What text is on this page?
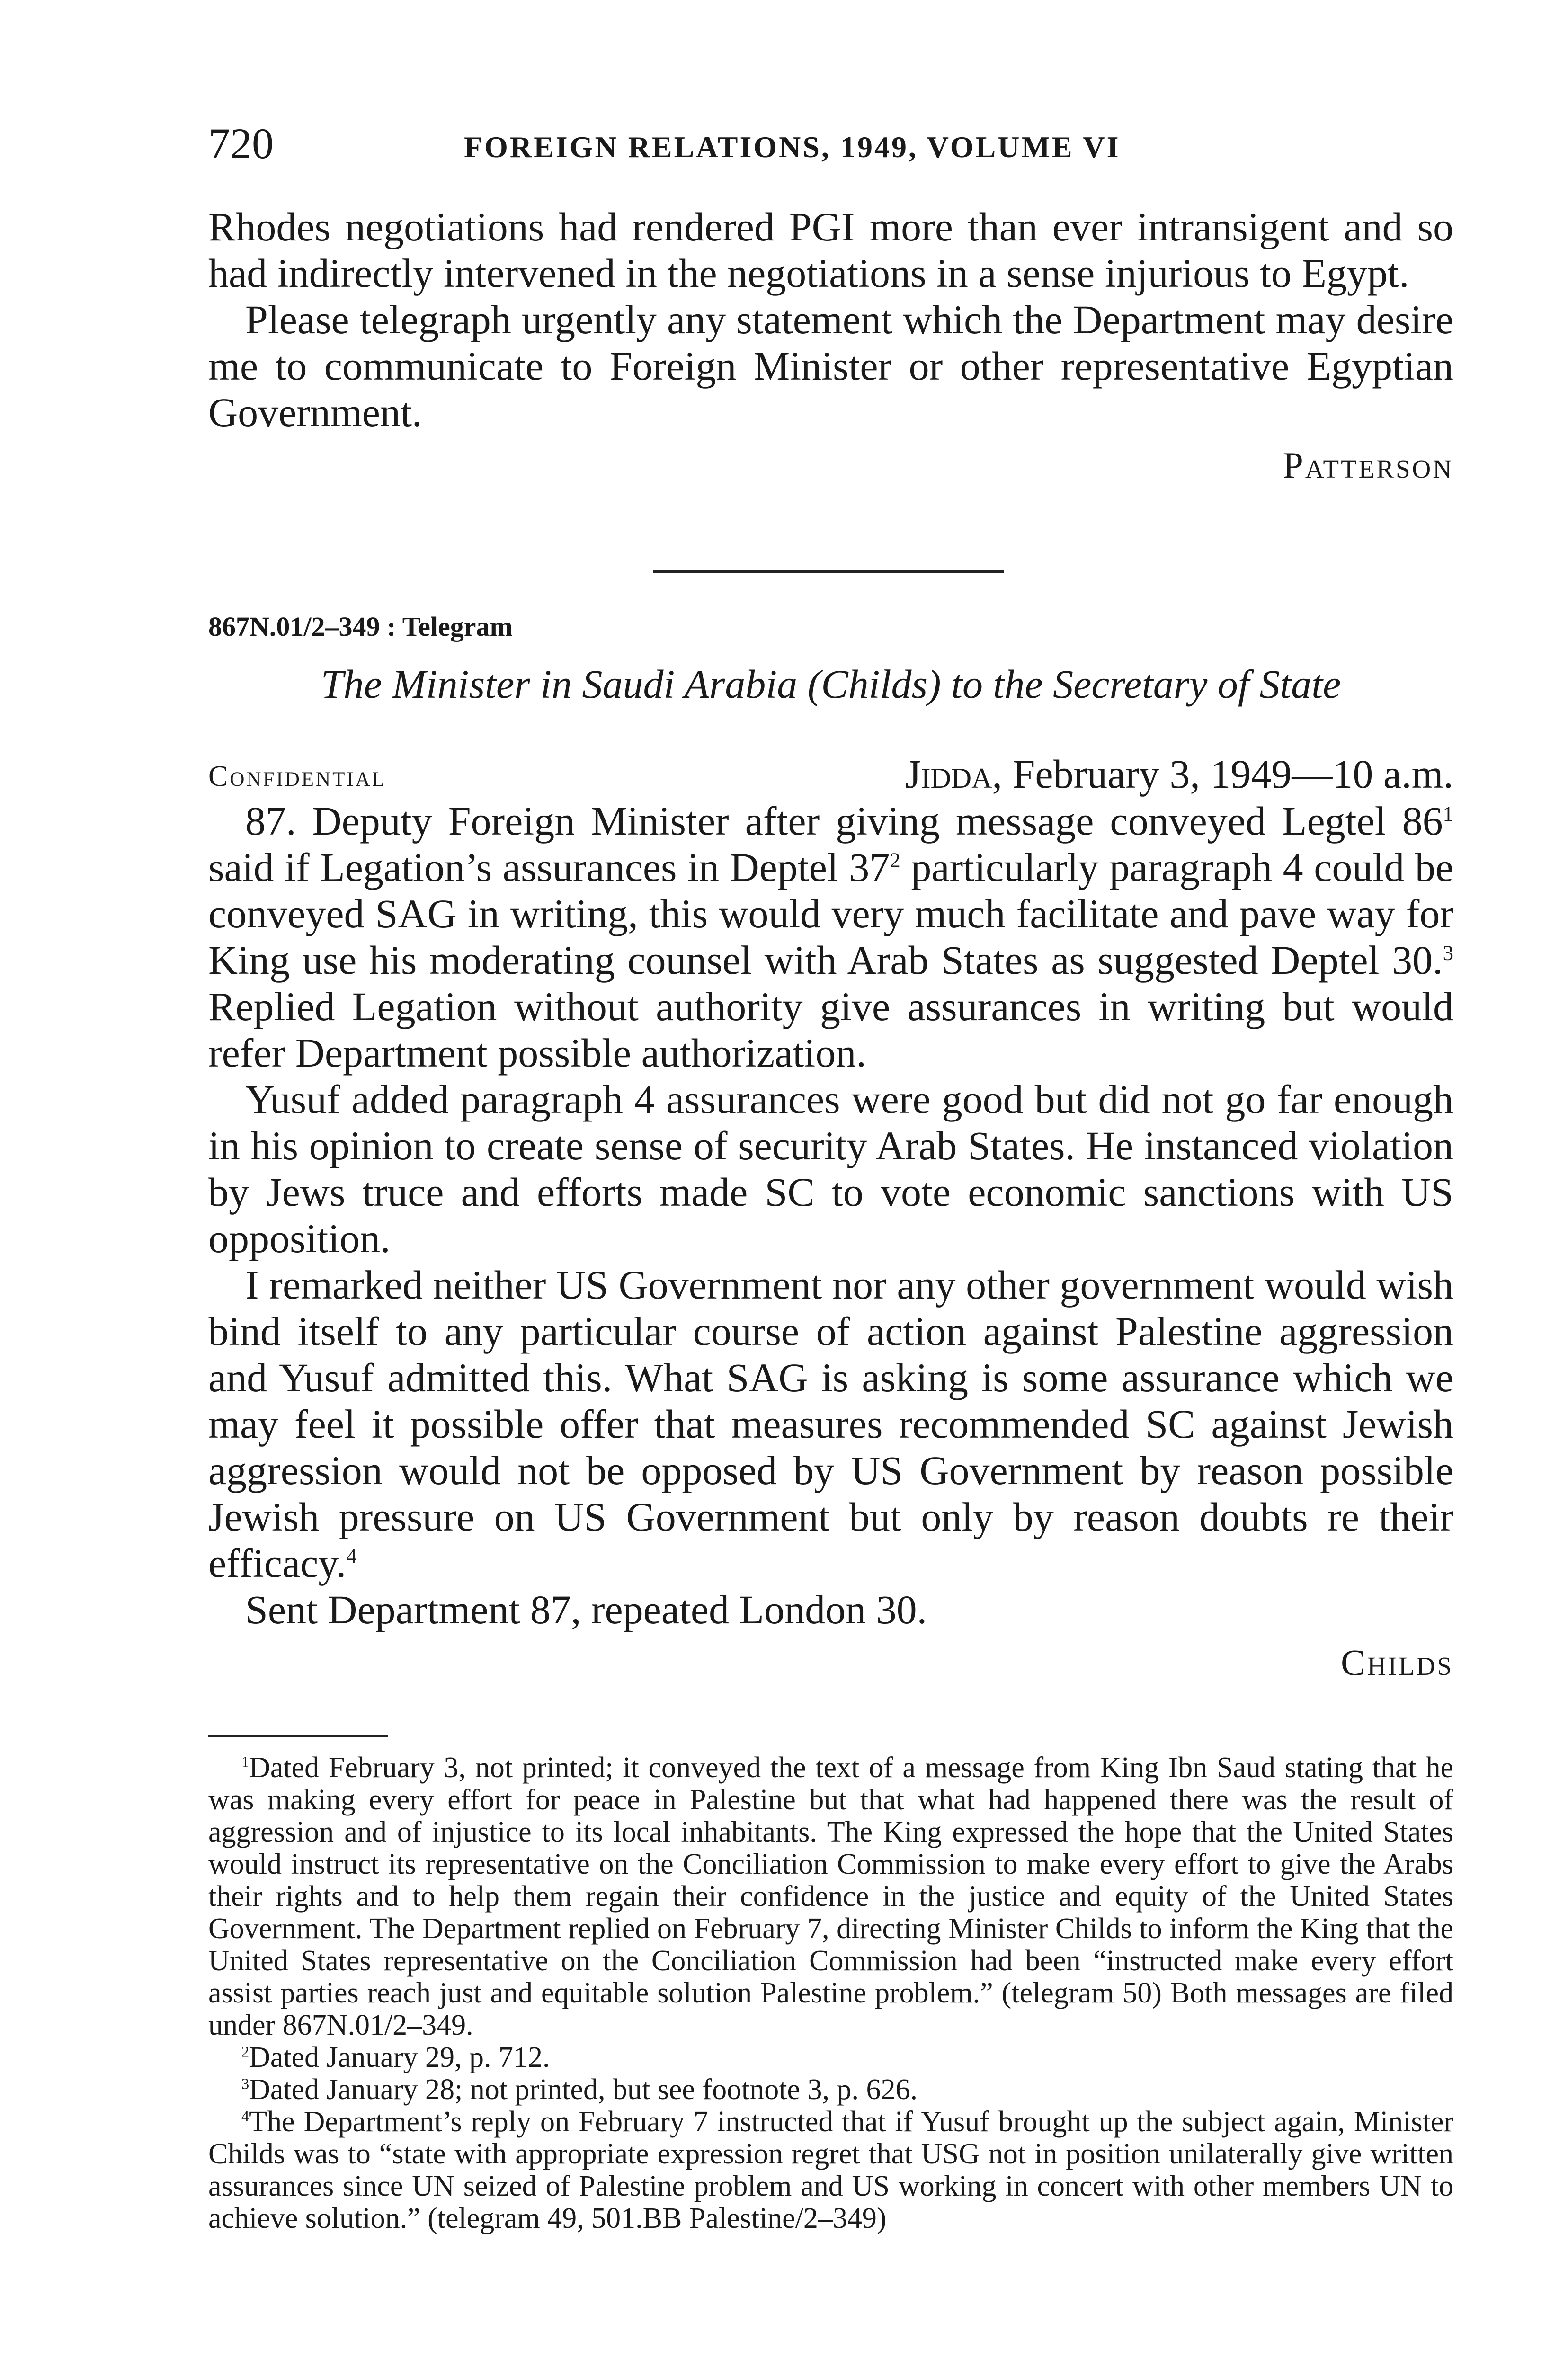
720	FOREIGN RELATIONS, 1949, VOLUME VI

Rhodes negotiations had rendered PGI more than ever intransigent and so had indirectly intervened in the negotiations in a sense injurious to Egypt.

Please telegraph urgently any statement which the Department may desire me to communicate to Foreign Minister or other representative Egyptian Government.

Patterson

867N.01/2–349 : Telegram

The Minister in Saudi Arabia (Childs) to the Secretary of State

Confidential	Jidda, February 3, 1949—10 a.m.

87. Deputy Foreign Minister after giving message conveyed Legtel $86^1$ said if Legation’s assurances in Deptel $37^2$ particularly paragraph 4 could be conveyed SAG in writing, this would very much facilitate and pave way for King use his moderating counsel with Arab States as suggested Deptel 30.$^3$ Replied Legation without authority give assurances in writing but would refer Department possible authorization.

Yusuf added paragraph 4 assurances were good but did not go far enough in his opinion to create sense of security Arab States. He instanced violation by Jews truce and efforts made SC to vote economic sanctions with US opposition.

I remarked neither US Government nor any other government would wish bind itself to any particular course of action against Palestine aggression and Yusuf admitted this. What SAG is asking is some assurance which we may feel it possible offer that measures recommended SC against Jewish aggression would not be opposed by US Government by reason possible Jewish pressure on US Government but only by reason doubts re their efficacy.$^4$

Sent Department 87, repeated London 30.

Childs

$^1$Dated February 3, not printed; it conveyed the text of a message from King Ibn Saud stating that he was making every effort for peace in Palestine but that what had happened there was the result of aggression and of injustice to its local inhabitants. The King expressed the hope that the United States would instruct its representative on the Conciliation Commission to make every effort to give the Arabs their rights and to help them regain their confidence in the justice and equity of the United States Government. The Department replied on February 7, directing Minister Childs to inform the King that the United States representative on the Conciliation Commission had been “instructed make every effort assist parties reach just and equitable solution Palestine problem.” (telegram 50) Both messages are filed under 867N.01/2–349.

$^2$Dated January 29, p. 712.

$^3$Dated January 28; not printed, but see footnote 3, p. 626.

$^4$The Department’s reply on February 7 instructed that if Yusuf brought up the subject again, Minister Childs was to “state with appropriate expression regret that USG not in position unilaterally give written assurances since UN seized of Palestine problem and US working in concert with other members UN to achieve solution.” (telegram 49, 501.BB Palestine/2–349)
